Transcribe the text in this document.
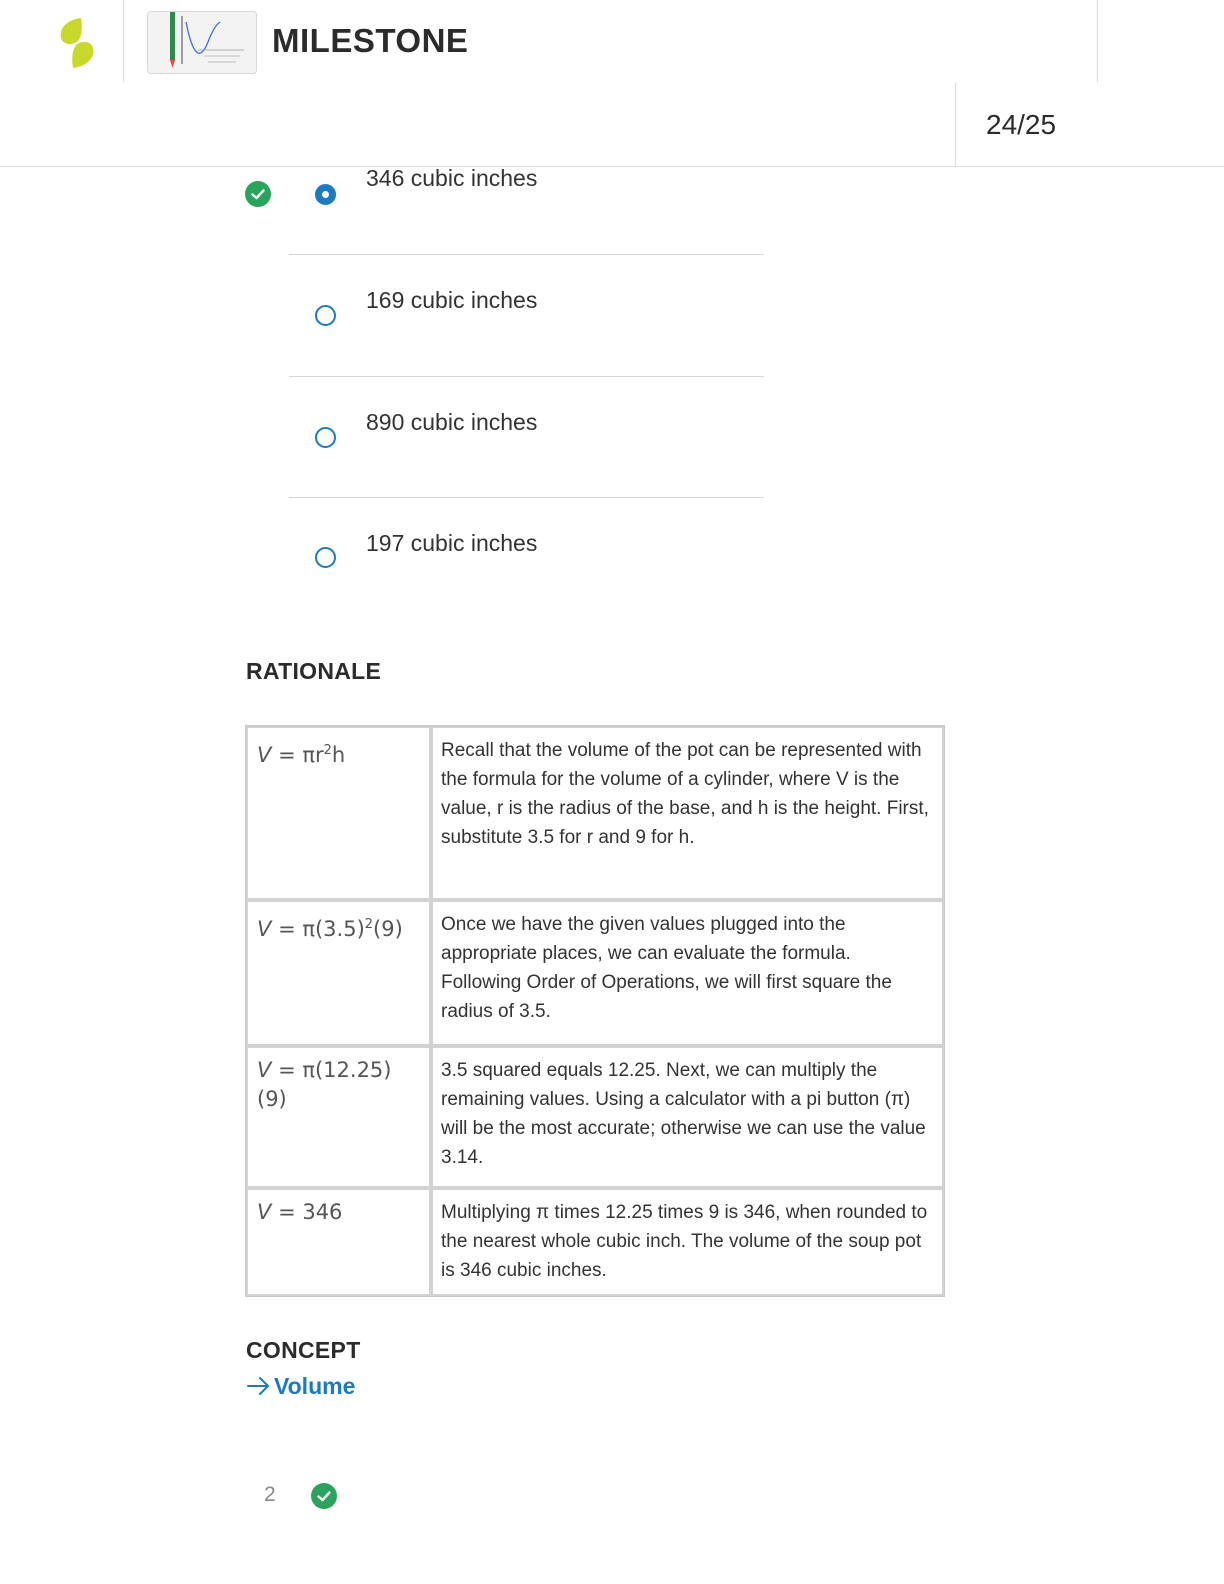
MILESTONE
24/25
346 cubic inches
169 cubic inches
890 cubic inches
197 cubic inches
RATIONALE
$V = \pi r^2h$	Recall that the volume of the pot can be represented with the formula for the volume of a cylinder, where V is the value, r is the radius of the base, and h is the height. First, substitute 3.5 for r and 9 for h.
$V = \pi(3.5)^2(9)$	Once we have the given values plugged into the appropriate places, we can evaluate the formula. Following Order of Operations, we will first square the radius of 3.5.
V = π(12.25)(9)	3.5 squared equals 12.25. Next, we can multiply the remaining values. Using a calculator with a pi button (π) will be the most accurate; otherwise we can use the value 3.14.
V = 346	Multiplying π times 12.25 times 9 is 346, when rounded to the nearest whole cubic inch. The volume of the soup pot is 346 cubic inches.
CONCEPT
Volume
2
